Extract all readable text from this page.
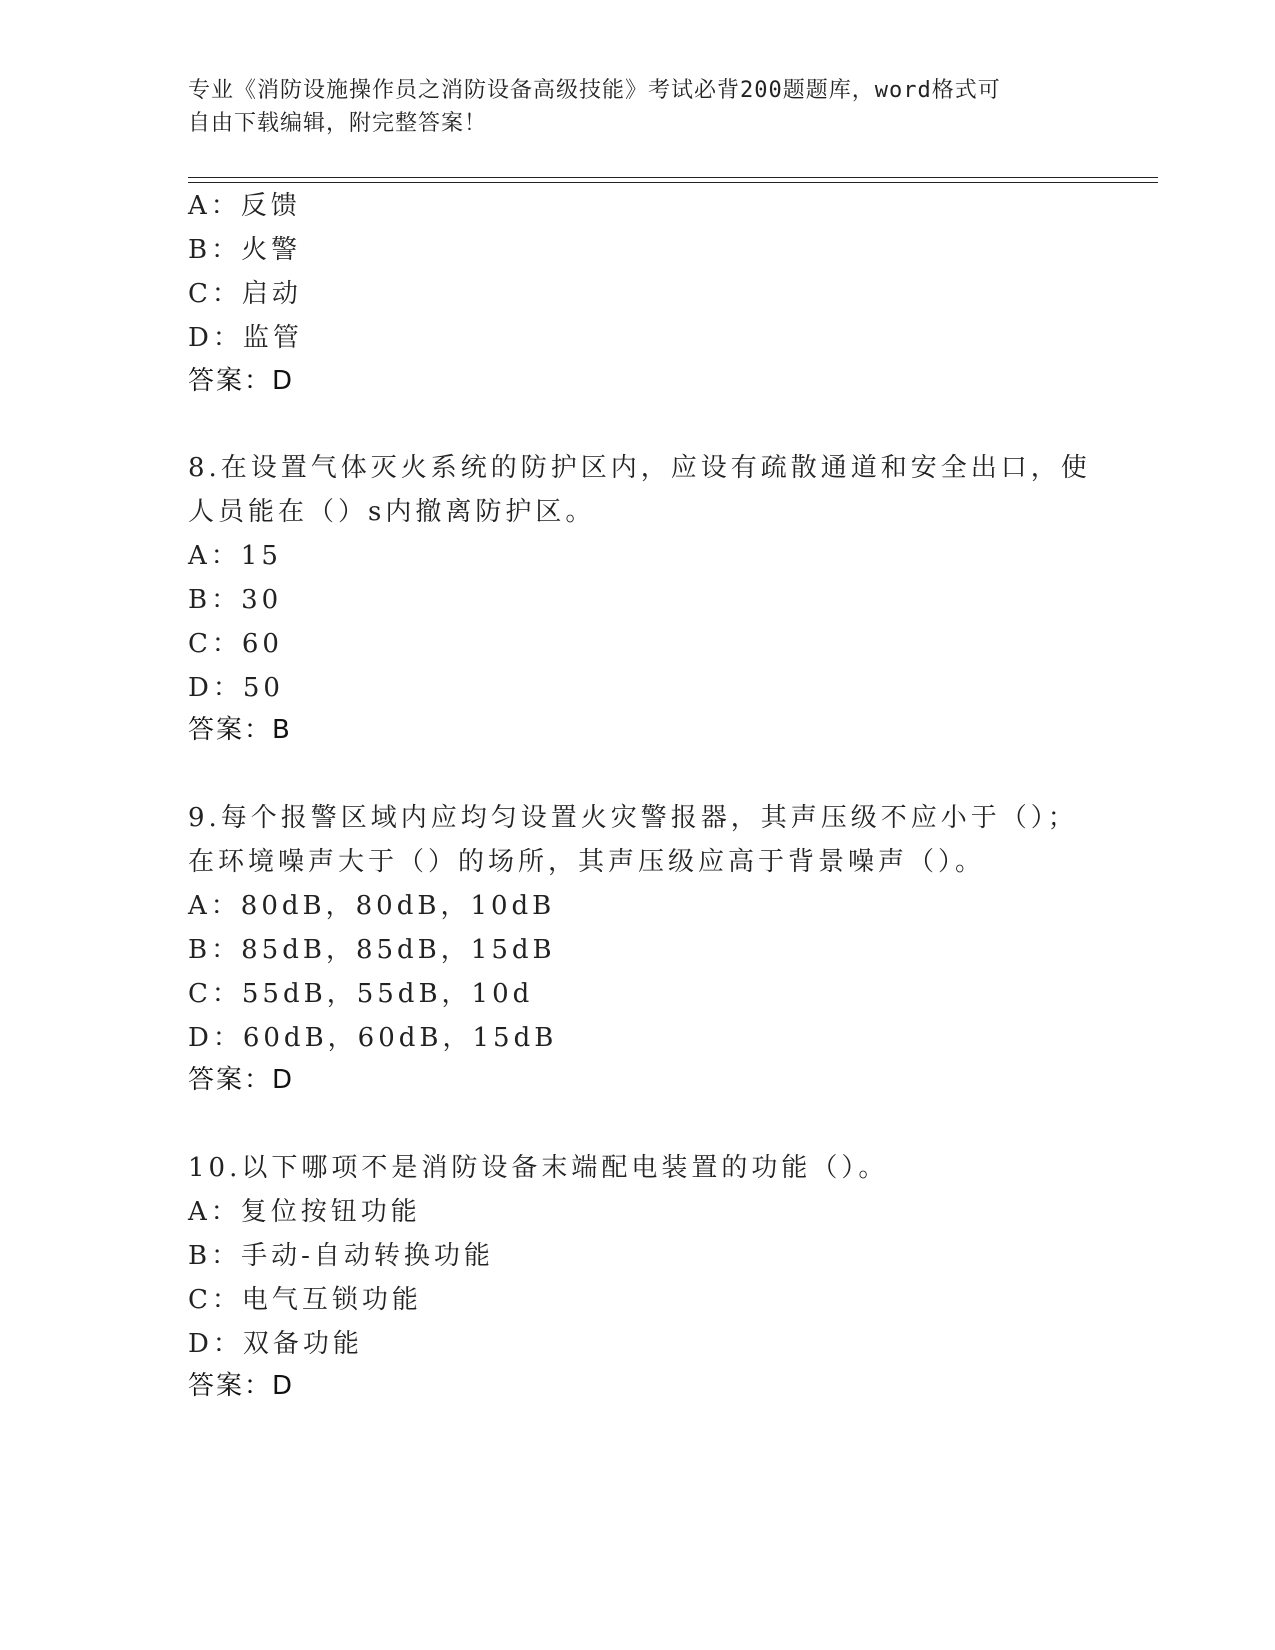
专业《消防设施操作员之消防设备高级技能》考试必背200题题库，word格式可
自由下载编辑，附完整答案！
A：反馈
B：火警
C：启动
D：监管
答案：D
8.在设置气体灭火系统的防护区内，应设有疏散通道和安全出口，使
人员能在（）s内撤离防护区。
A：15
B：30
C：60
D：50
答案：B
9.每个报警区域内应均匀设置火灾警报器，其声压级不应小于（）；
在环境噪声大于（）的场所，其声压级应高于背景噪声（）。
A：80dB，80dB，10dB
B：85dB，85dB，15dB
C：55dB，55dB，10d
D：60dB，60dB，15dB
答案：D
10.以下哪项不是消防设备末端配电装置的功能（）。
A：复位按钮功能
B：手动-自动转换功能
C：电气互锁功能
D：双备功能
答案：D
